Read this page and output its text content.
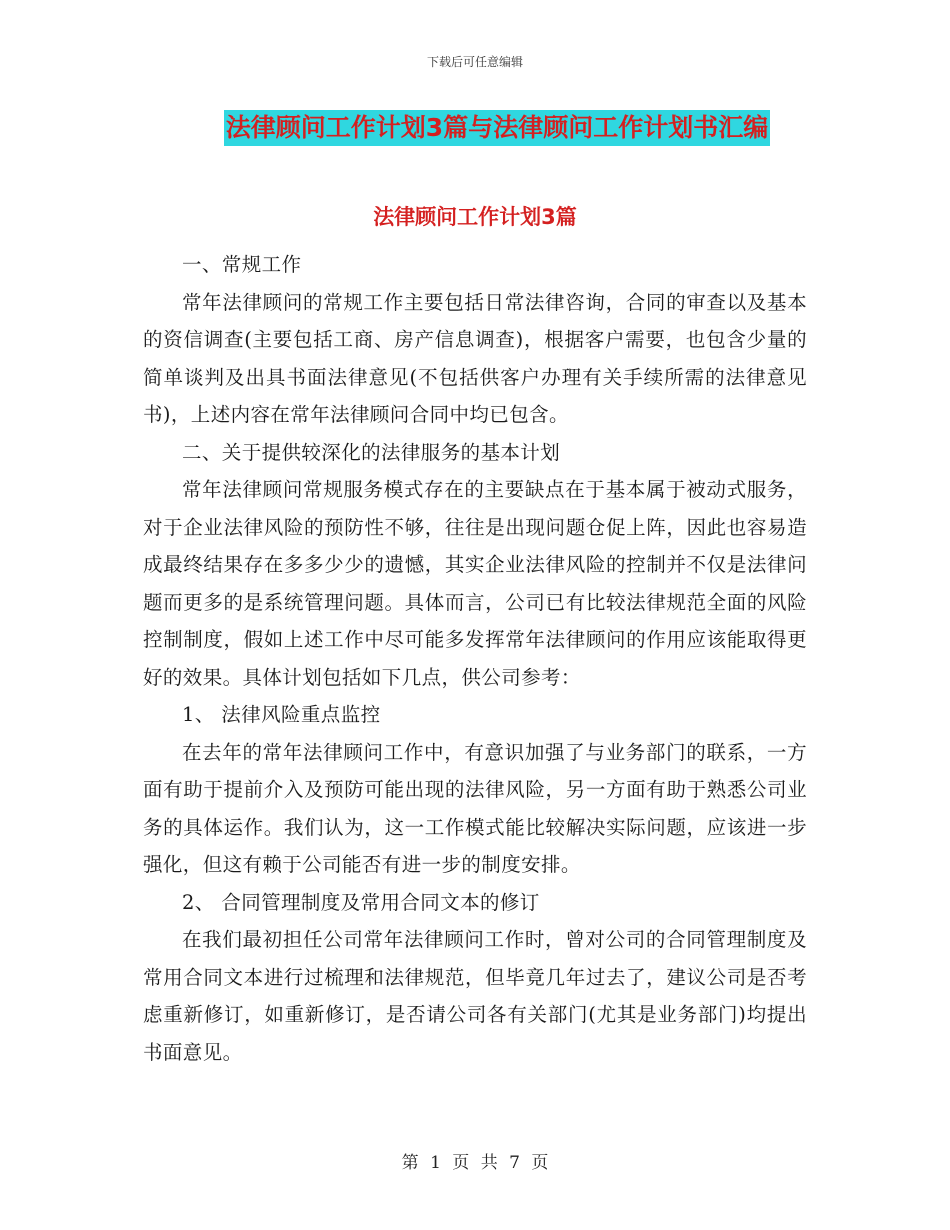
下载后可任意编辑
法律顾问工作计划3篇与法律顾问工作计划书汇编
法律顾问工作计划3篇

一、常规工作

常年法律顾问的常规工作主要包括日常法律咨询，合同的审查以及基本的资信调查(主要包括工商、房产信息调查)，根据客户需要，也包含少量的简单谈判及出具书面法律意见(不包括供客户办理有关手续所需的法律意见书)，上述内容在常年法律顾问合同中均已包含。

二、关于提供较深化的法律服务的基本计划

常年法律顾问常规服务模式存在的主要缺点在于基本属于被动式服务，对于企业法律风险的预防性不够，往往是出现问题仓促上阵，因此也容易造成最终结果存在多多少少的遗憾，其实企业法律风险的控制并不仅是法律问题而更多的是系统管理问题。具体而言，公司已有比较法律规范全面的风险控制制度，假如上述工作中尽可能多发挥常年法律顾问的作用应该能取得更好的效果。具体计划包括如下几点，供公司参考：

1、 法律风险重点监控

在去年的常年法律顾问工作中，有意识加强了与业务部门的联系，一方面有助于提前介入及预防可能出现的法律风险，另一方面有助于熟悉公司业务的具体运作。我们认为，这一工作模式能比较解决实际问题，应该进一步强化，但这有赖于公司能否有进一步的制度安排。

2、 合同管理制度及常用合同文本的修订

在我们最初担任公司常年法律顾问工作时，曾对公司的合同管理制度及常用合同文本进行过梳理和法律规范，但毕竟几年过去了，建议公司是否考虑重新修订，如重新修订，是否请公司各有关部门(尤其是业务部门)均提出书面意见。

第 1 页 共 7 页
